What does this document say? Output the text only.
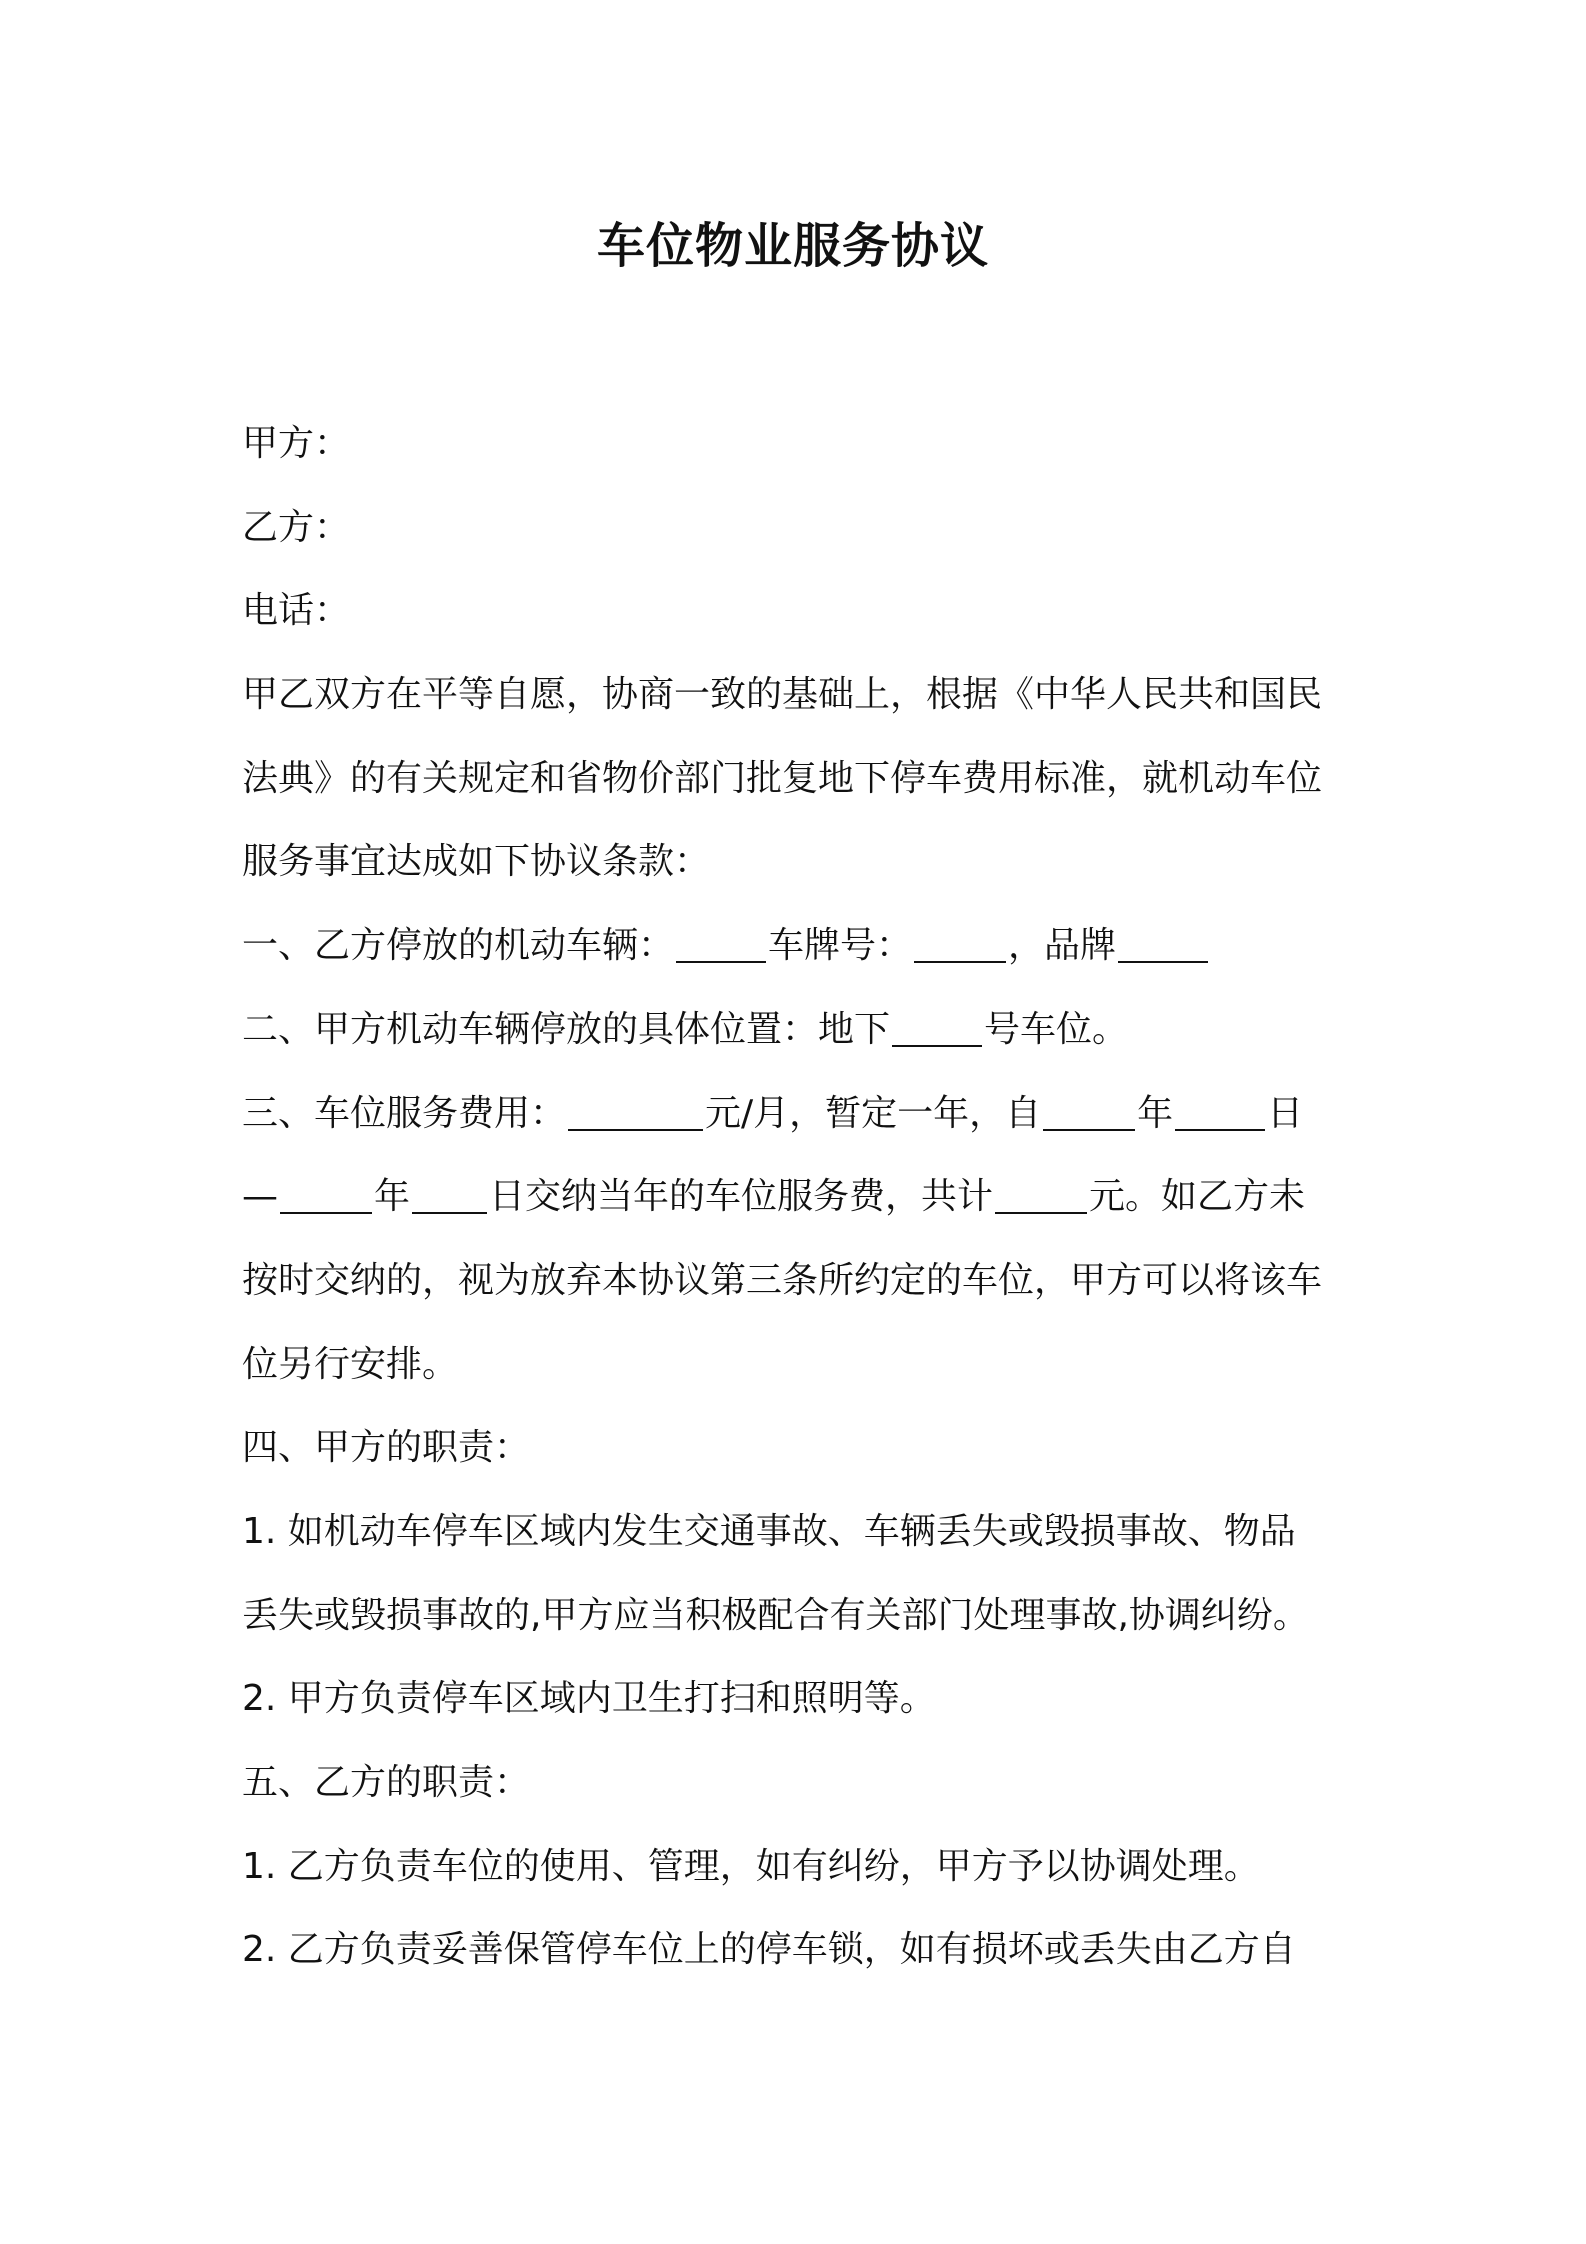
车位物业服务协议
甲方：
乙方：
电话：
甲乙双方在平等自愿，协商一致的基础上，根据《中华人民共和国民
法典》的有关规定和省物价部门批复地下停车费用标准，就机动车位
服务事宜达成如下协议条款：
一、乙方停放的机动车辆：	车牌号：	，品牌
二、甲方机动车辆停放的具体位置：地下	号车位。
三、车位服务费用：	元/月，暂定一年，自	年	日
—	年 日交纳当年的车位服务费，共计	元。如乙方未
按时交纳的，视为放弃本协议第三条所约定的车位，甲方可以将该车
位另行安排。
四、甲方的职责：
1. 如机动车停车区域内发生交通事故、车辆丢失或毁损事故、物品
丢失或毁损事故的,甲方应当积极配合有关部门处理事故,协调纠纷。
2. 甲方负责停车区域内卫生打扫和照明等。
五、乙方的职责：
1. 乙方负责车位的使用、管理，如有纠纷，甲方予以协调处理。
2. 乙方负责妥善保管停车位上的停车锁，如有损坏或丢失由乙方自
